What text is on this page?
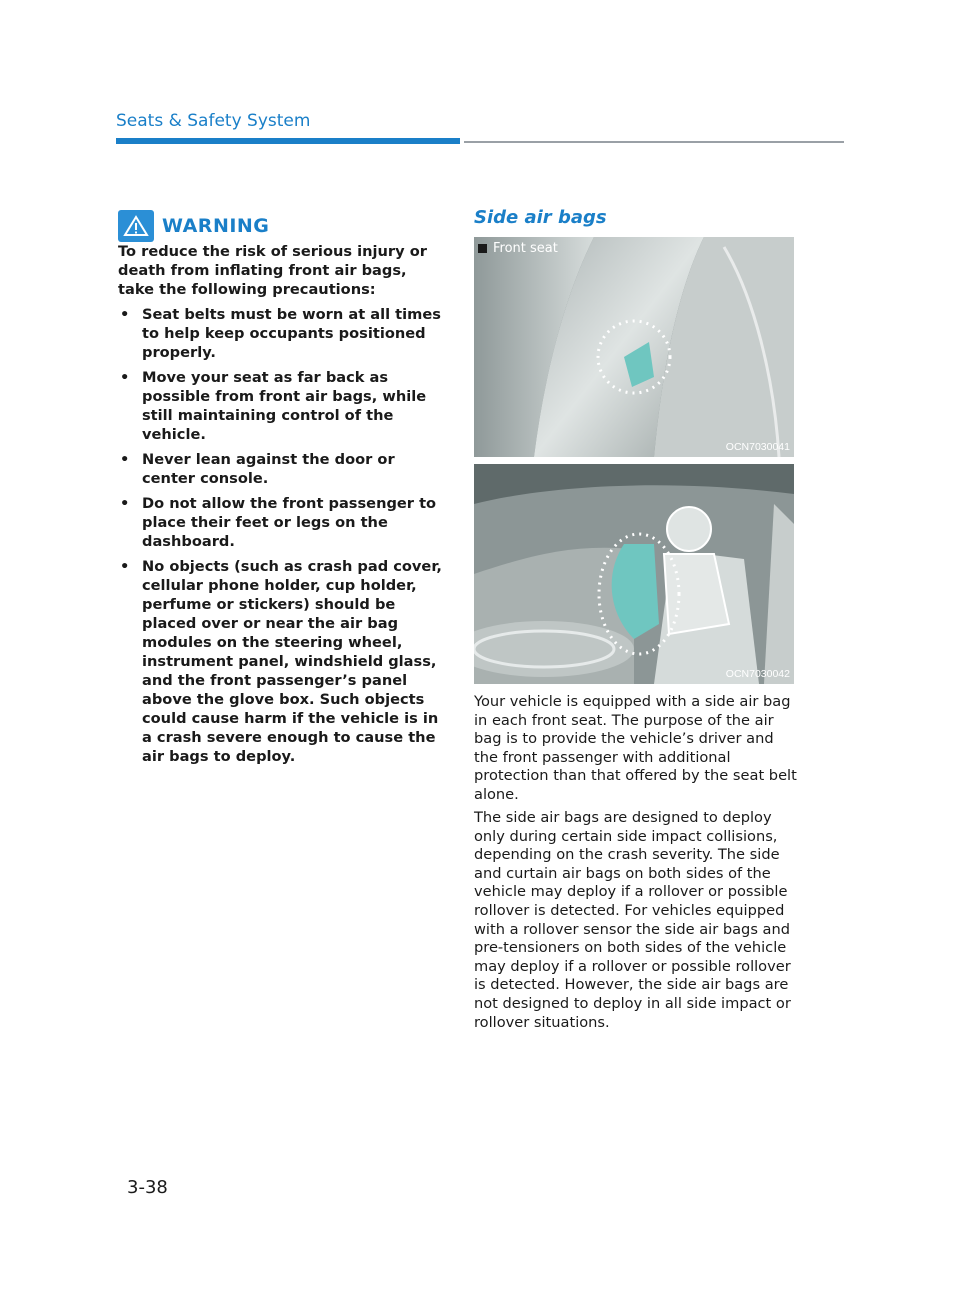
Seats & Safety System
WARNING

To reduce the risk of serious injury or death from inflating front air bags, take the following precautions:

• Seat belts must be worn at all times to help keep occupants positioned properly.
• Move your seat as far back as possible from front air bags, while still maintaining control of the vehicle.
• Never lean against the door or center console.
• Do not allow the front passenger to place their feet or legs on the dashboard.
• No objects (such as crash pad cover, cellular phone holder, cup holder, perfume or stickers) should be placed over or near the air bag modules on the steering wheel, instrument panel, windshield glass, and the front passenger’s panel above the glove box. Such objects could cause harm if the vehicle is in a crash severe enough to cause the air bags to deploy.
Side air bags
Front seat
OCN7030041
OCN7030042

Your vehicle is equipped with a side air bag in each front seat. The purpose of the air bag is to provide the vehicle’s driver and the front passenger with additional protection than that offered by the seat belt alone.

The side air bags are designed to deploy only during certain side impact collisions, depending on the crash severity. The side and curtain air bags on both sides of the vehicle may deploy if a rollover or possible rollover is detected. For vehicles equipped with a rollover sensor the side air bags and pre-tensioners on both sides of the vehicle may deploy if a rollover or possible rollover is detected. However, the side air bags are not designed to deploy in all side impact or rollover situations.

3-38
